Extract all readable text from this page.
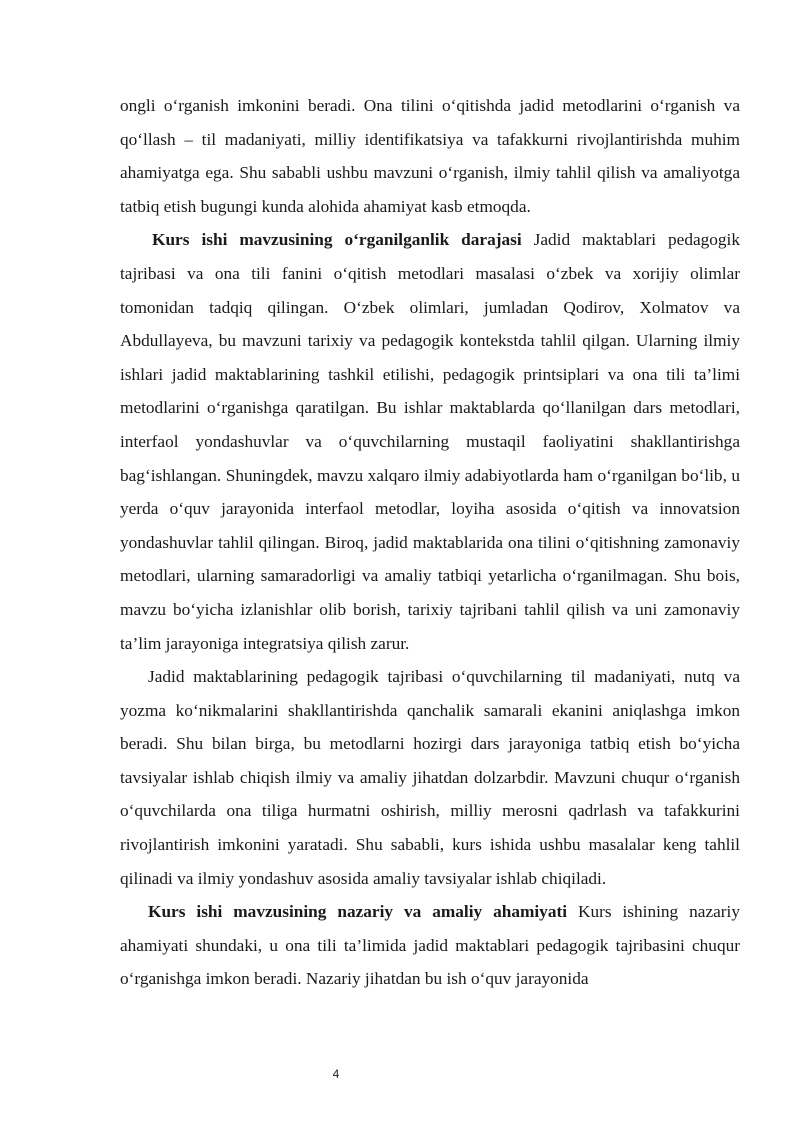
ongli o‘rganish imkonini beradi. Ona tilini o‘qitishda jadid metodlarini o‘rganish va qo‘llash – til madaniyati, milliy identifikatsiya va tafakkurni rivojlantirishda muhim ahamiyatga ega. Shu sababli ushbu mavzuni o‘rganish, ilmiy tahlil qilish va amaliyotga tatbiq etish bugungi kunda alohida ahamiyat kasb etmoqda.

Kurs ishi mavzusining o‘rganilganlik darajasi Jadid maktablari pedagogik tajribasi va ona tili fanini o‘qitish metodlari masalasi o‘zbek va xorijiy olimlar tomonidan tadqiq qilingan. O‘zbek olimlari, jumladan Qodirov, Xolmatov va Abdullayeva, bu mavzuni tarixiy va pedagogik kontekstda tahlil qilgan. Ularning ilmiy ishlari jadid maktablarining tashkil etilishi, pedagogik printsiplari va ona tili ta’limi metodlarini o‘rganishga qaratilgan. Bu ishlar maktablarda qo‘llanilgan dars metodlari, interfaol yondashuvlar va o‘quvchilarning mustaqil faoliyatini shakllantirishga bag‘ishlangan. Shuningdek, mavzu xalqaro ilmiy adabiyotlarda ham o‘rganilgan bo‘lib, u yerda o‘quv jarayonida interfaol metodlar, loyiha asosida o‘qitish va innovatsion yondashuvlar tahlil qilingan. Biroq, jadid maktablarida ona tilini o‘qitishning zamonaviy metodlari, ularning samaradorligi va amaliy tatbiqi yetarlicha o‘rganilmagan. Shu bois, mavzu bo‘yicha izlanishlar olib borish, tarixiy tajribani tahlil qilish va uni zamonaviy ta’lim jarayoniga integratsiya qilish zarur.

Jadid maktablarining pedagogik tajribasi o‘quvchilarning til madaniyati, nutq va yozma ko‘nikmalarini shakllantirishda qanchalik samarali ekanini aniqlashga imkon beradi. Shu bilan birga, bu metodlarni hozirgi dars jarayoniga tatbiq etish bo‘yicha tavsiyalar ishlab chiqish ilmiy va amaliy jihatdan dolzarbdir. Mavzuni chuqur o‘rganish o‘quvchilarda ona tiliga hurmatni oshirish, milliy merosni qadrlash va tafakkurini rivojlantirish imkonini yaratadi. Shu sababli, kurs ishida ushbu masalalar keng tahlil qilinadi va ilmiy yondashuv asosida amaliy tavsiyalar ishlab chiqiladi.

Kurs ishi mavzusining nazariy va amaliy ahamiyati Kurs ishining nazariy ahamiyati shundaki, u ona tili ta’limida jadid maktablari pedagogik tajribasini chuqur o‘rganishga imkon beradi. Nazariy jihatdan bu ish o‘quv jarayonida

4
